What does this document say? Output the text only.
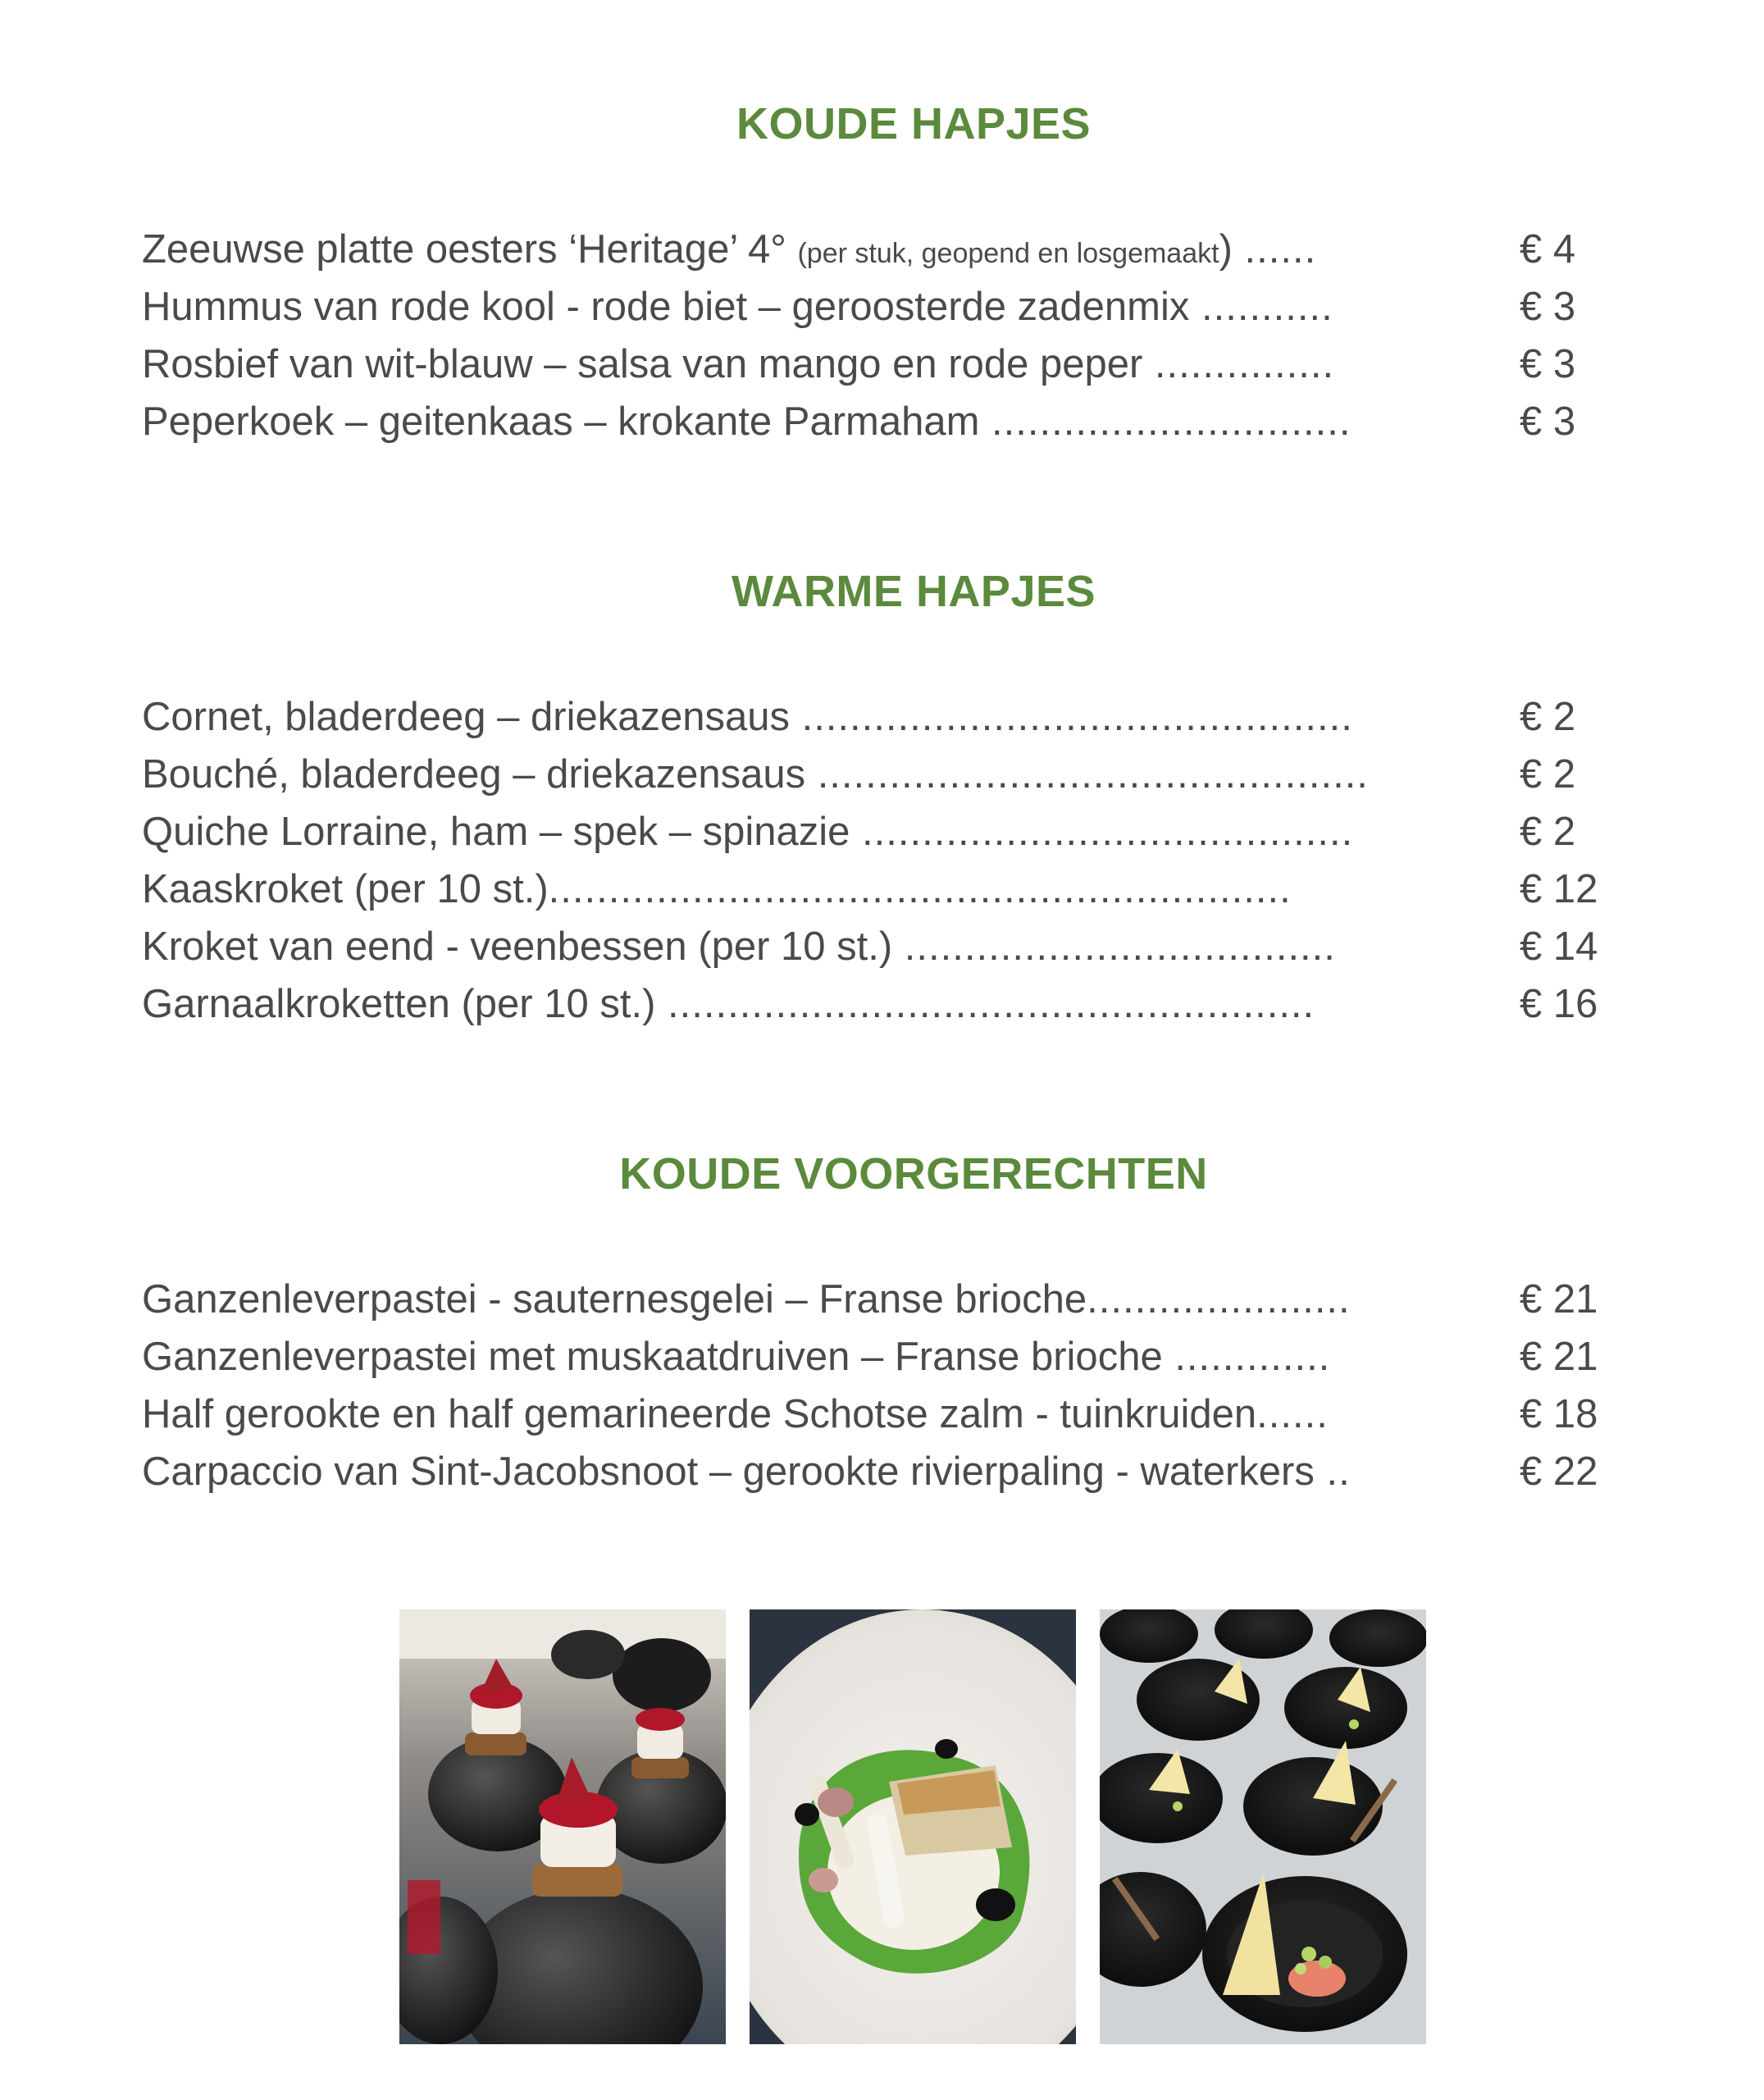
KOUDE HAPJES
Zeeuwse platte oesters ‘Heritage’ 4° (per stuk, geopend en losgemaakt) ......	€ 4
Hummus van rode kool - rode biet – geroosterde zadenmix ...........	€ 3
Rosbief van wit-blauw – salsa van mango en rode peper ...............	€ 3
Peperkoek – geitenkaas – krokante Parmaham ..............................	€ 3
WARME HAPJES
Cornet, bladerdeeg – driekazensaus ..............................................	€ 2
Bouché, bladerdeeg – driekazensaus ..............................................	€ 2
Quiche Lorraine, ham – spek – spinazie .........................................	€ 2
Kaaskroket (per 10 st.)..............................................................	€ 12
Kroket van eend - veenbessen (per 10 st.) ....................................	€ 14
Garnaalkroketten (per 10 st.) ......................................................	€ 16
KOUDE VOORGERECHTEN
Ganzenleverpastei - sauternesgelei – Franse brioche......................	€ 21
Ganzenleverpastei met muskaatdruiven – Franse brioche .............	€ 21
Half gerookte en half gemarineerde Schotse zalm - tuinkruiden......	€ 18
Carpaccio van Sint-Jacobsnoot – gerookte rivierpaling - waterkers ..	€ 22
